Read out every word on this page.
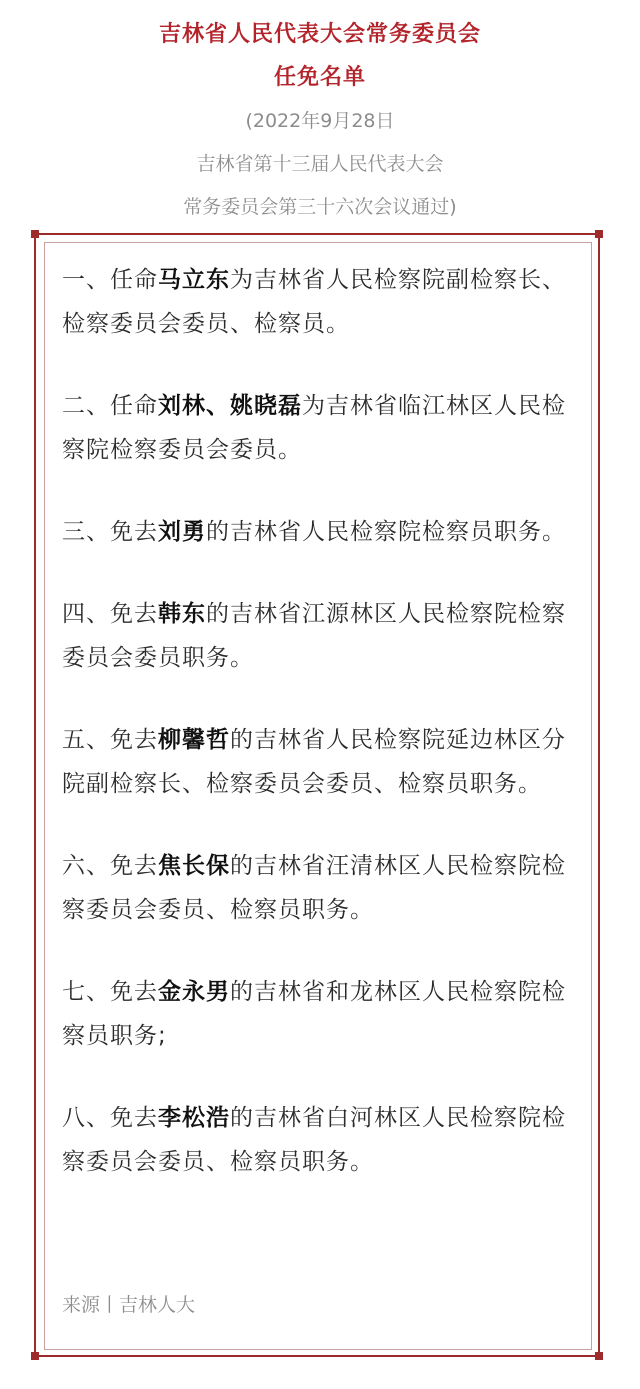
吉林省人民代表大会常务委员会
任免名单
(2022年9月28日
吉林省第十三届人民代表大会
常务委员会第三十六次会议通过)
一、任命马立东为吉林省人民检察院副检察长、检察委员会委员、检察员。
二、任命刘林、姚晓磊为吉林省临江林区人民检察院检察委员会委员。
三、免去刘勇的吉林省人民检察院检察员职务。
四、免去韩东的吉林省江源林区人民检察院检察委员会委员职务。
五、免去柳馨哲的吉林省人民检察院延边林区分院副检察长、检察委员会委员、检察员职务。
六、免去焦长保的吉林省汪清林区人民检察院检察委员会委员、检察员职务。
七、免去金永男的吉林省和龙林区人民检察院检察员职务;
八、免去李松浩的吉林省白河林区人民检察院检察委员会委员、检察员职务。
来源丨吉林人大
